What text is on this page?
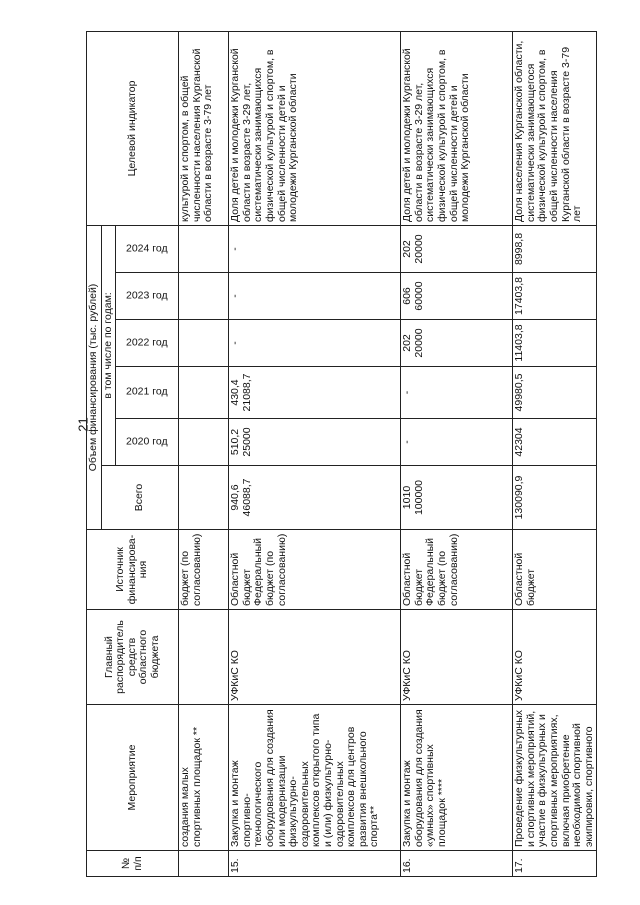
21
№ п/п	Мероприятие	Главный распорядитель средств областного бюджета	Источник финансирова-ния	Объем финансирования (тыс. рублей)						Целевой индикатор
				Всего	в том числе по годам:					
					2020 год	2021 год	2022 год	2023 год	2024 год	
	создания малых спортивных площадок **		бюджет (по согласованию)							культурой и спортом, в общей численности населения Курганской области в возрасте 3-79 лет
15.	Закупка и монтаж спортивно-технологического оборудования для создания или модернизации физкультурно-оздоровительных комплексов открытого типа и (или) физкультурно-оздоровительных комплексов для центров развития внешкольного спорта**	УФКиС КО	Областной бюджет Федеральный бюджет (по согласованию)	940,6 46088,7	510,2 25000	430,4 21088,7	-	-	-	Доля детей и молодежи Курганской области в возрасте 3-29 лет, систематически занимающихся физической культурой и спортом, в общей численности детей и молодежи Курганской области
16.	Закупка и монтаж оборудования для создания «умных» спортивных площадок ****	УФКиС КО	Областной бюджет Федеральный бюджет (по согласованию)	1010 100000	-	-	202 20000	606 60000	202 20000	Доля детей и молодежи Курганской области в возрасте 3-29 лет, систематически занимающихся физической культурой и спортом, в общей численности детей и молодежи Курганской области
17.	Проведение физкультурных и спортивных мероприятий, участие в физкультурных и спортивных мероприятиях, включая приобретение необходимой спортивной экипировки, спортивного	УФКиС КО	Областной бюджет	130090,9	42304	49980,5	11403,8	17403,8	8998,8	Доля населения Курганской области, систематически занимающегося физической культурой и спортом, в общей численности населения Курганской области в возрасте 3-79 лет
